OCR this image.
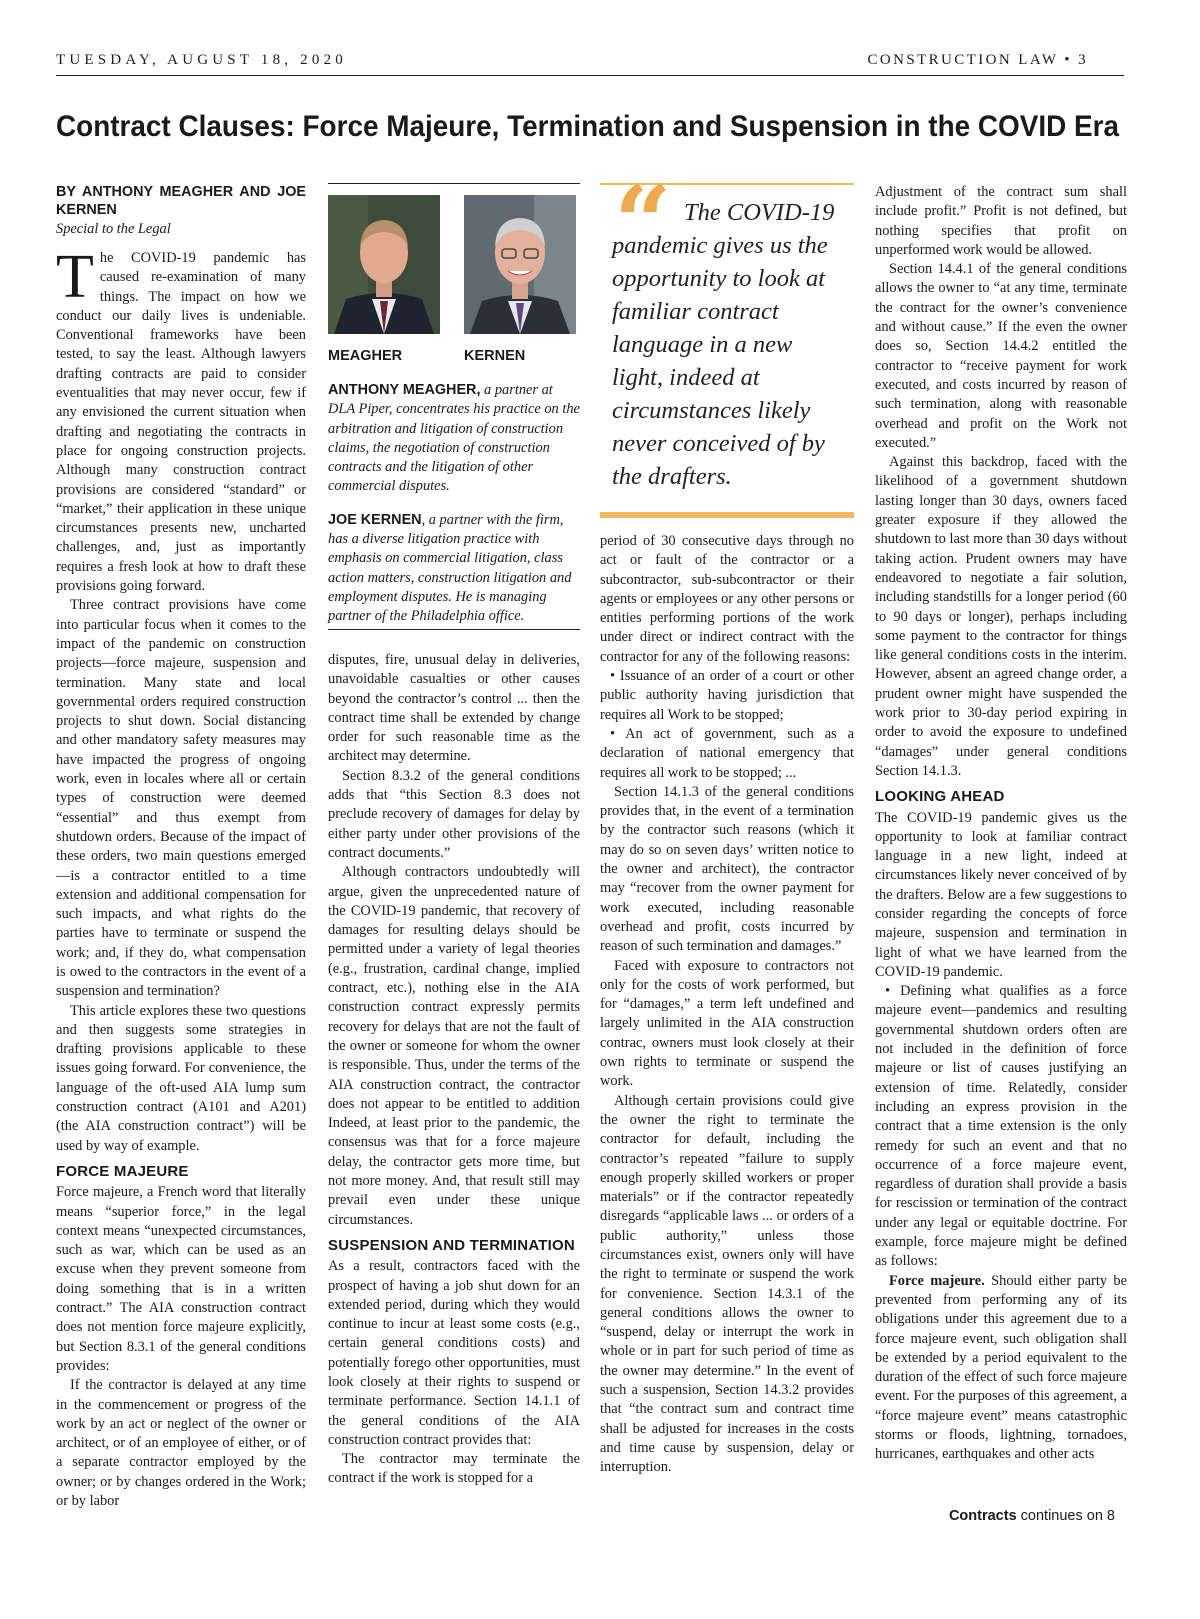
TUESDAY, AUGUST 18, 2020	CONSTRUCTION LAW • 3
Contract Clauses: Force Majeure, Termination and Suspension in the COVID Era
BY ANTHONY MEAGHER AND JOE KERNEN
Special to the Legal

The COVID-19 pandemic has caused re-examination of many things. The impact on how we conduct our daily lives is undeniable. Conventional frameworks have been tested, to say the least. Although lawyers drafting contracts are paid to consider eventualities that may never occur, few if any envisioned the current situation when drafting and negotiating the contracts in place for ongoing construction projects. Although many construction contract provisions are considered “standard” or “market,” their application in these unique circumstances presents new, uncharted challenges, and, just as importantly requires a fresh look at how to draft these provisions going forward.

Three contract provisions have come into particular focus when it comes to the impact of the pandemic on construction projects—force majeure, suspension and termination. Many state and local governmental orders required construction projects to shut down. Social distancing and other mandatory safety measures may have impacted the progress of ongoing work, even in locales where all or certain types of construction were deemed “essential” and thus exempt from shutdown orders. Because of the impact of these orders, two main questions emerged—is a contractor entitled to a time extension and additional compensation for such impacts, and what rights do the parties have to terminate or suspend the work; and, if they do, what compensation is owed to the contractors in the event of a suspension and termination?

This article explores these two questions and then suggests some strategies in drafting provisions applicable to these issues going forward. For convenience, the language of the oft-used AIA lump sum construction contract (A101 and A201) (the AIA construction contract”) will be used by way of example.

FORCE MAJEURE

Force majeure, a French word that literally means “superior force,” in the legal context means “unexpected circumstances, such as war, which can be used as an excuse when they prevent someone from doing something that is in a written contract.” The AIA construction contract does not mention force majeure explicitly, but Section 8.3.1 of the general conditions provides:

If the contractor is delayed at any time in the commencement or progress of the work by an act or neglect of the owner or architect, or of an employee of either, or of a separate contractor employed by the owner; or by changes ordered in the Work; or by labor

MEAGHER	KERNEN

ANTHONY MEAGHER, a partner at DLA Piper, concentrates his practice on the arbitration and litigation of construction claims, the negotiation of construction contracts and the litigation of other commercial disputes.

JOE KERNEN, a partner with the firm, has a diverse litigation practice with emphasis on commercial litigation, class action matters, construction litigation and employment disputes. He is managing partner of the Philadelphia office.

disputes, fire, unusual delay in deliveries, unavoidable casualties or other causes beyond the contractor’s control ... then the contract time shall be extended by change order for such reasonable time as the architect may determine.

Section 8.3.2 of the general conditions adds that “this Section 8.3 does not preclude recovery of damages for delay by either party under other provisions of the contract documents.”

Although contractors undoubtedly will argue, given the unprecedented nature of the COVID-19 pandemic, that recovery of damages for resulting delays should be permitted under a variety of legal theories (e.g., frustration, cardinal change, implied contract, etc.), nothing else in the AIA construction contract expressly permits recovery for delays that are not the fault of the owner or someone for whom the owner is responsible. Thus, under the terms of the AIA construction contract, the contractor does not appear to be entitled to addition Indeed, at least prior to the pandemic, the consensus was that for a force majeure delay, the contractor gets more time, but not more money. And, that result still may prevail even under these unique circumstances.

SUSPENSION AND TERMINATION

As a result, contractors faced with the prospect of having a job shut down for an extended period, during which they would continue to incur at least some costs (e.g., certain general conditions costs) and potentially forego other opportunities, must look closely at their rights to suspend or terminate performance. Section 14.1.1 of the general conditions of the AIA construction contract provides that:

The contractor may terminate the contract if the work is stopped for a

“ The COVID-19 pandemic gives us the opportunity to look at familiar contract language in a new light, indeed at circumstances likely never conceived of by the drafters.

period of 30 consecutive days through no act or fault of the contractor or a subcontractor, sub-subcontractor or their agents or employees or any other persons or entities performing portions of the work under direct or indirect contract with the contractor for any of the following reasons:

• Issuance of an order of a court or other public authority having jurisdiction that requires all Work to be stopped;

• An act of government, such as a declaration of national emergency that requires all work to be stopped; ...

Section 14.1.3 of the general conditions provides that, in the event of a termination by the contractor such reasons (which it may do so on seven days’ written notice to the owner and architect), the contractor may “recover from the owner payment for work executed, including reasonable overhead and profit, costs incurred by reason of such termination and damages.”

Faced with exposure to contractors not only for the costs of work performed, but for “damages,” a term left undefined and largely unlimited in the AIA construction contrac, owners must look closely at their own rights to terminate or suspend the work.

Although certain provisions could give the owner the right to terminate the contractor for default, including the contractor’s repeated ”failure to supply enough properly skilled workers or proper materials” or if the contractor repeatedly disregards “applicable laws ... or orders of a public authority,” unless those circumstances exist, owners only will have the right to terminate or suspend the work for convenience. Section 14.3.1 of the general conditions allows the owner to “suspend, delay or interrupt the work in whole or in part for such period of time as the owner may determine.” In the event of such a suspension, Section 14.3.2 provides that “the contract sum and contract time shall be adjusted for increases in the costs and time cause by suspension, delay or interruption.

Adjustment of the contract sum shall include profit.” Profit is not defined, but nothing specifies that profit on unperformed work would be allowed.

Section 14.4.1 of the general conditions allows the owner to “at any time, terminate the contract for the owner’s convenience and without cause.” If the even the owner does so, Section 14.4.2 entitled the contractor to “receive payment for work executed, and costs incurred by reason of such termination, along with reasonable overhead and profit on the Work not executed.”

Against this backdrop, faced with the likelihood of a government shutdown lasting longer than 30 days, owners faced greater exposure if they allowed the shutdown to last more than 30 days without taking action. Prudent owners may have endeavored to negotiate a fair solution, including standstills for a longer period (60 to 90 days or longer), perhaps including some payment to the contractor for things like general conditions costs in the interim. However, absent an agreed change order, a prudent owner might have suspended the work prior to 30-day period expiring in order to avoid the exposure to undefined “damages” under general conditions Section 14.1.3.

LOOKING AHEAD

The COVID-19 pandemic gives us the opportunity to look at familiar contract language in a new light, indeed at circumstances likely never conceived of by the drafters. Below are a few suggestions to consider regarding the concepts of force majeure, suspension and termination in light of what we have learned from the COVID-19 pandemic.

• Defining what qualifies as a force majeure event—pandemics and resulting governmental shutdown orders often are not included in the definition of force majeure or list of causes justifying an extension of time. Relatedly, consider including an express provision in the contract that a time extension is the only remedy for such an event and that no occurrence of a force majeure event, regardless of duration shall provide a basis for rescission or termination of the contract under any legal or equitable doctrine. For example, force majeure might be defined as follows:

Force majeure. Should either party be prevented from performing any of its obligations under this agreement due to a force majeure event, such obligation shall be extended by a period equivalent to the duration of the effect of such force majeure event. For the purposes of this agreement, a “force majeure event” means catastrophic storms or floods, lightning, tornadoes, hurricanes, earthquakes and other acts

Contracts continues on 8
